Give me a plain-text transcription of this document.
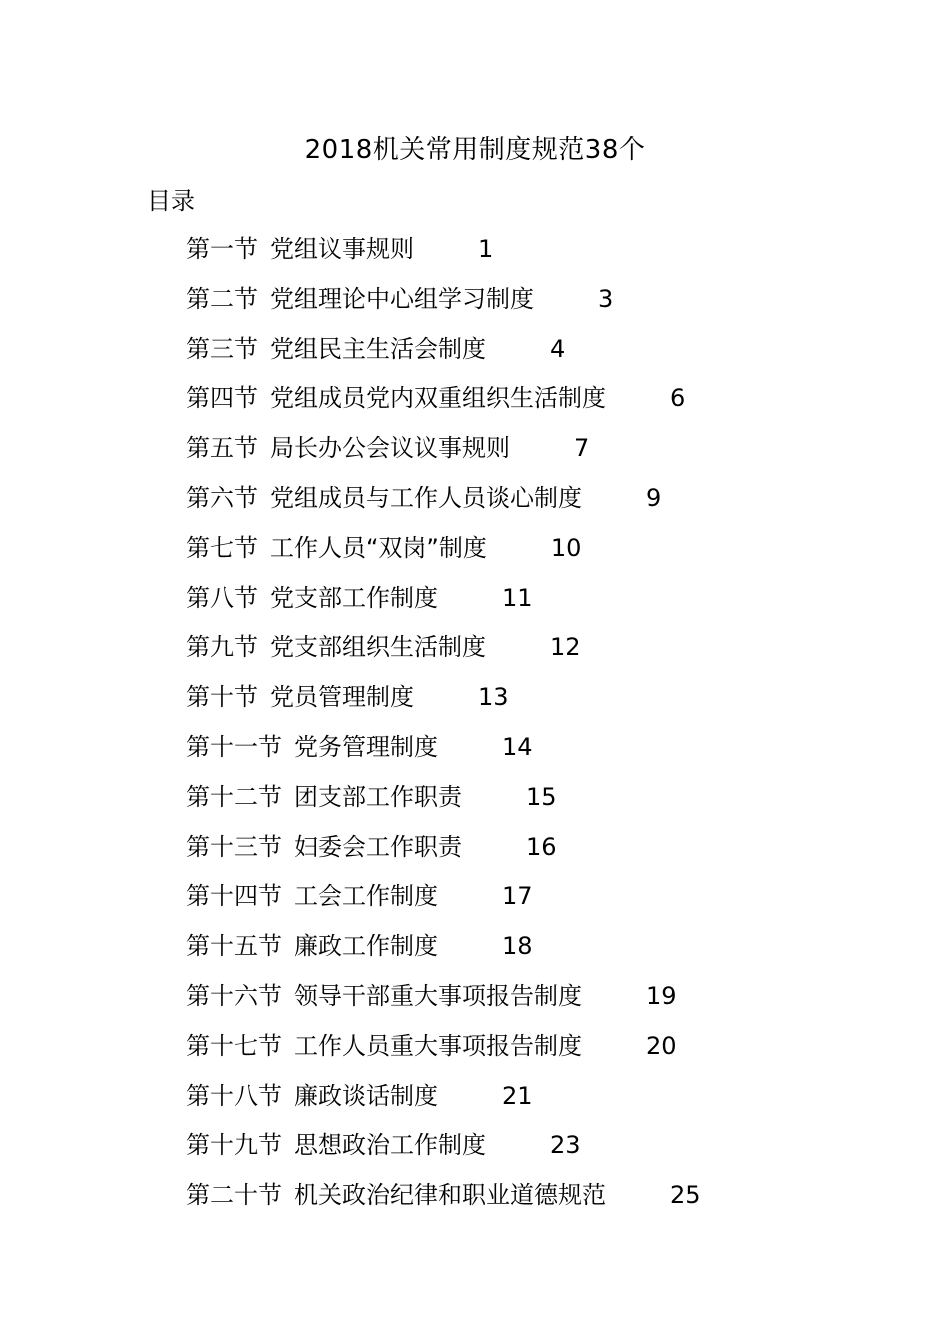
2018机关常用制度规范38个
目录
第一节 党组议事规则	1
第二节 党组理论中心组学习制度	3
第三节 党组民主生活会制度	4
第四节 党组成员党内双重组织生活制度	6
第五节 局长办公会议议事规则	7
第六节 党组成员与工作人员谈心制度	9
第七节 工作人员“双岗”制度	10
第八节 党支部工作制度	11
第九节 党支部组织生活制度	12
第十节 党员管理制度	13
第十一节 党务管理制度	14
第十二节 团支部工作职责	15
第十三节 妇委会工作职责	16
第十四节 工会工作制度	17
第十五节 廉政工作制度	18
第十六节 领导干部重大事项报告制度	19
第十七节 工作人员重大事项报告制度	20
第十八节 廉政谈话制度	21
第十九节 思想政治工作制度	23
第二十节 机关政治纪律和职业道德规范	25
